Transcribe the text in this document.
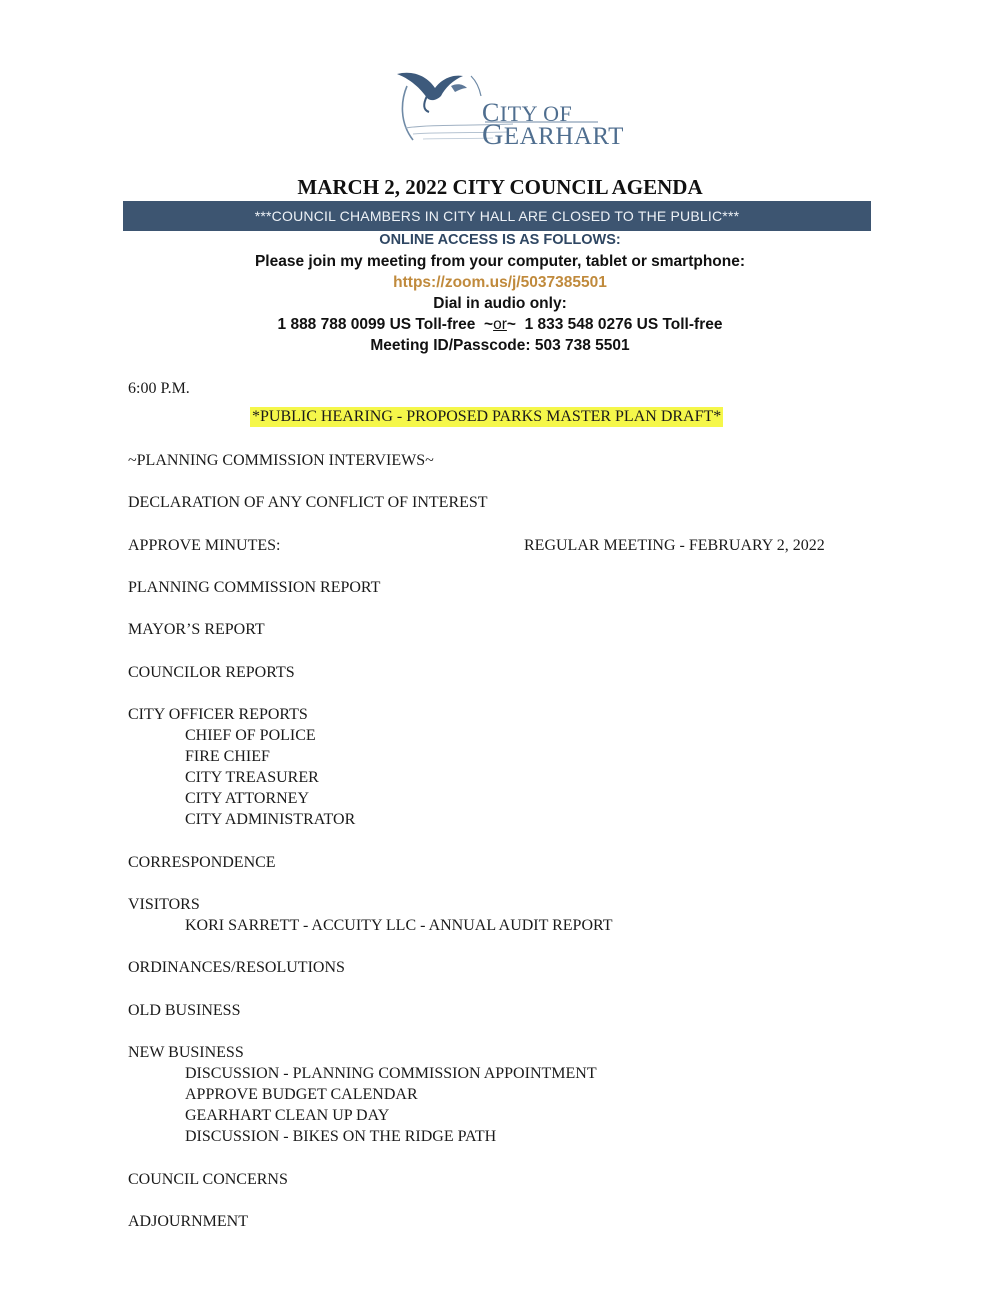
CITY OF
GEARHART
MARCH 2, 2022 CITY COUNCIL AGENDA
***COUNCIL CHAMBERS IN CITY HALL ARE CLOSED TO THE PUBLIC***
ONLINE ACCESS IS AS FOLLOWS:
Please join my meeting from your computer, tablet or smartphone:
https://zoom.us/j/5037385501
Dial in audio only:
1 888 788 0099 US Toll-free ~or~ 1 833 548 0276 US Toll-free
Meeting ID/Passcode: 503 738 5501
6:00 P.M.
*PUBLIC HEARING - PROPOSED PARKS MASTER PLAN DRAFT*
~PLANNING COMMISSION INTERVIEWS~
DECLARATION OF ANY CONFLICT OF INTEREST
APPROVE MINUTES:	REGULAR MEETING - FEBRUARY 2, 2022
PLANNING COMMISSION REPORT
MAYOR’S REPORT
COUNCILOR REPORTS
CITY OFFICER REPORTS
CHIEF OF POLICE
FIRE CHIEF
CITY TREASURER
CITY ATTORNEY
CITY ADMINISTRATOR
CORRESPONDENCE
VISITORS
KORI SARRETT - ACCUITY LLC - ANNUAL AUDIT REPORT
ORDINANCES/RESOLUTIONS
OLD BUSINESS
NEW BUSINESS
DISCUSSION - PLANNING COMMISSION APPOINTMENT
APPROVE BUDGET CALENDAR
GEARHART CLEAN UP DAY
DISCUSSION - BIKES ON THE RIDGE PATH
COUNCIL CONCERNS
ADJOURNMENT
